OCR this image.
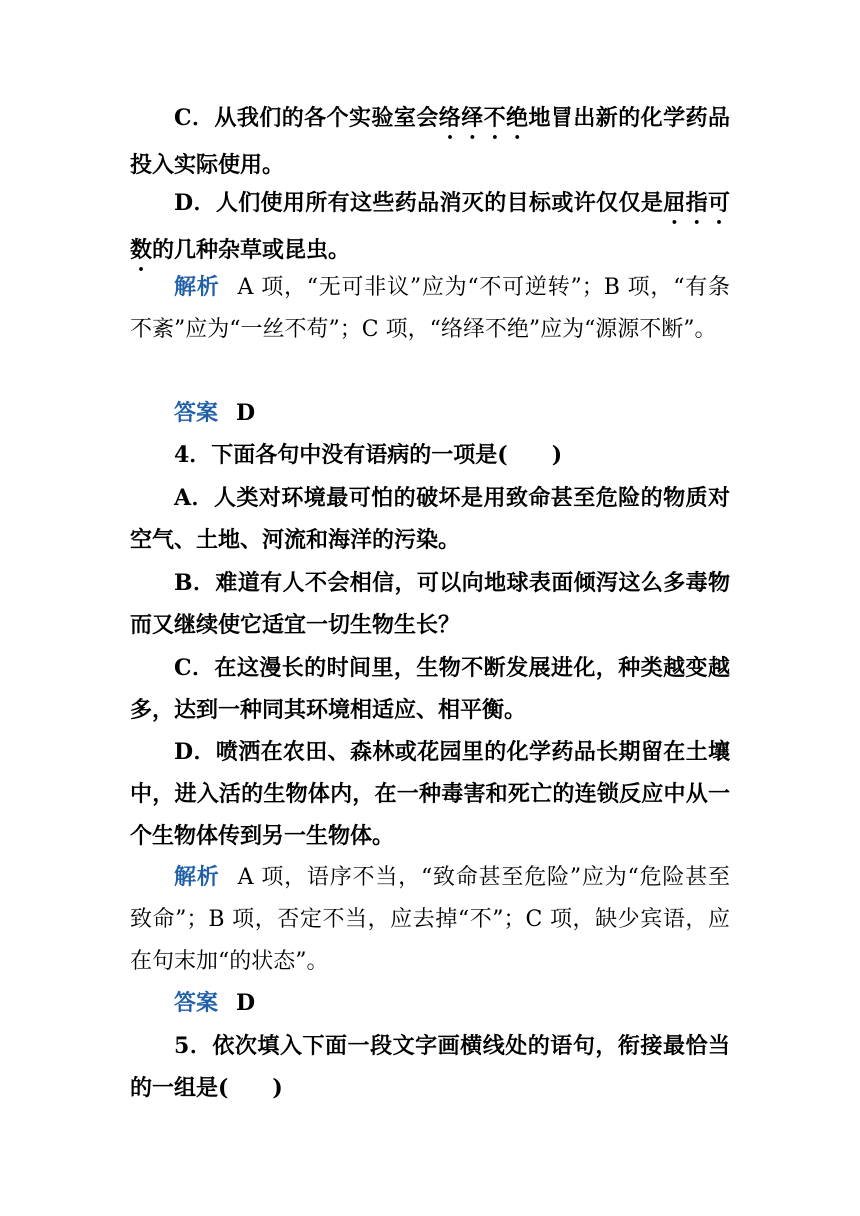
C．从我们的各个实验室会络绎不绝地冒出新的化学药品投入实际使用。

D．人们使用所有这些药品消灭的目标或许仅仅是屈指可数的几种杂草或昆虫。

解析 A 项，“无可非议”应为“不可逆转”；B 项，“有条不紊”应为“一丝不苟”；C 项，“络绎不绝”应为“源源不断”。

答案 D

4．下面各句中没有语病的一项是(　　)

A．人类对环境最可怕的破坏是用致命甚至危险的物质对空气、土地、河流和海洋的污染。

B．难道有人不会相信，可以向地球表面倾泻这么多毒物而又继续使它适宜一切生物生长？

C．在这漫长的时间里，生物不断发展进化，种类越变越多，达到一种同其环境相适应、相平衡。

D．喷洒在农田、森林或花园里的化学药品长期留在土壤中，进入活的生物体内，在一种毒害和死亡的连锁反应中从一个生物体传到另一生物体。

解析 A 项，语序不当，“致命甚至危险”应为“危险甚至致命”；B 项，否定不当，应去掉“不”；C 项，缺少宾语，应在句末加“的状态”。

答案 D

5．依次填入下面一段文字画横线处的语句，衔接最恰当的一组是(　　)
